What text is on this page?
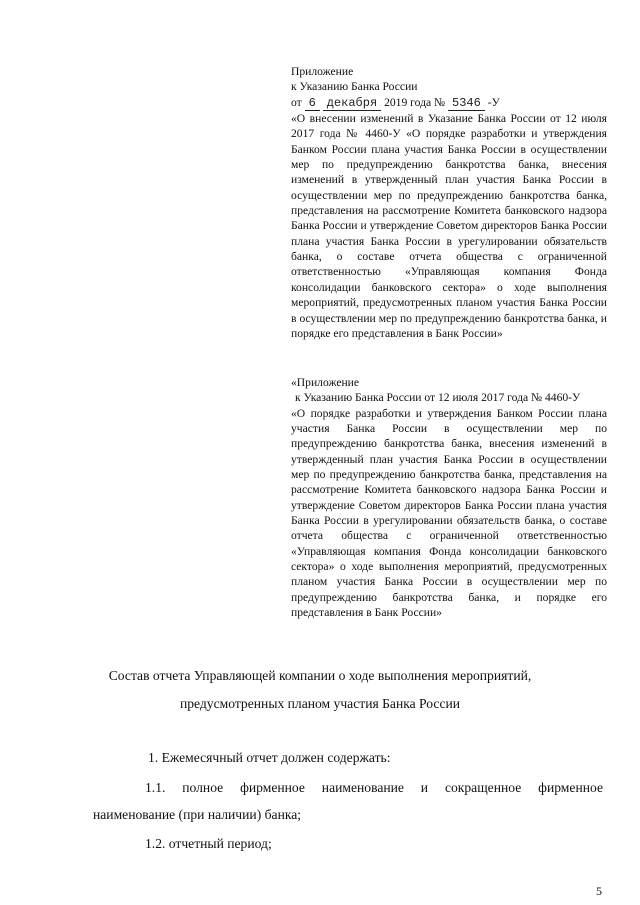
Приложение

к Указанию Банка России

от 6 декабря 2019 года № 5346 -У

«О внесении изменений в Указание Банка России от 12 июля 2017 года № 4460-У «О порядке разработки и утверждения Банком России плана участия Банка России в осуществлении мер по предупреждению банкротства банка, внесения изменений в утвержденный план участия Банка России в осуществлении мер по предупреждению банкротства банка, представления на рассмотрение Комитета банковского надзора Банка России и утверждение Советом директоров Банка России плана участия Банка России в урегулировании обязательств банка, о составе отчета общества с ограниченной ответственностью «Управляющая компания Фонда консолидации банковского сектора» о ходе выполнения мероприятий, предусмотренных планом участия Банка России в осуществлении мер по предупреждению банкротства банка, и порядке его представления в Банк России»

«Приложение

к Указанию Банка России от 12 июля 2017 года № 4460-У

«О порядке разработки и утверждения Банком России плана участия Банка России в осуществлении мер по предупреждению банкротства банка, внесения изменений в утвержденный план участия Банка России в осуществлении мер по предупреждению банкротства банка, представления на рассмотрение Комитета банковского надзора Банка России и утверждение Советом директоров Банка России плана участия Банка России в урегулировании обязательств банка, о составе отчета общества с ограниченной ответственностью «Управляющая компания Фонда консолидации банковского сектора» о ходе выполнения мероприятий, предусмотренных планом участия Банка России в осуществлении мер по предупреждению банкротства банка, и порядке его представления в Банк России»

Состав отчета Управляющей компании о ходе выполнения мероприятий,
предусмотренных планом участия Банка России

1. Ежемесячный отчет должен содержать:

1.1. полное фирменное наименование и сокращенное фирменное

наименование (при наличии) банка;

1.2. отчетный период;

5
